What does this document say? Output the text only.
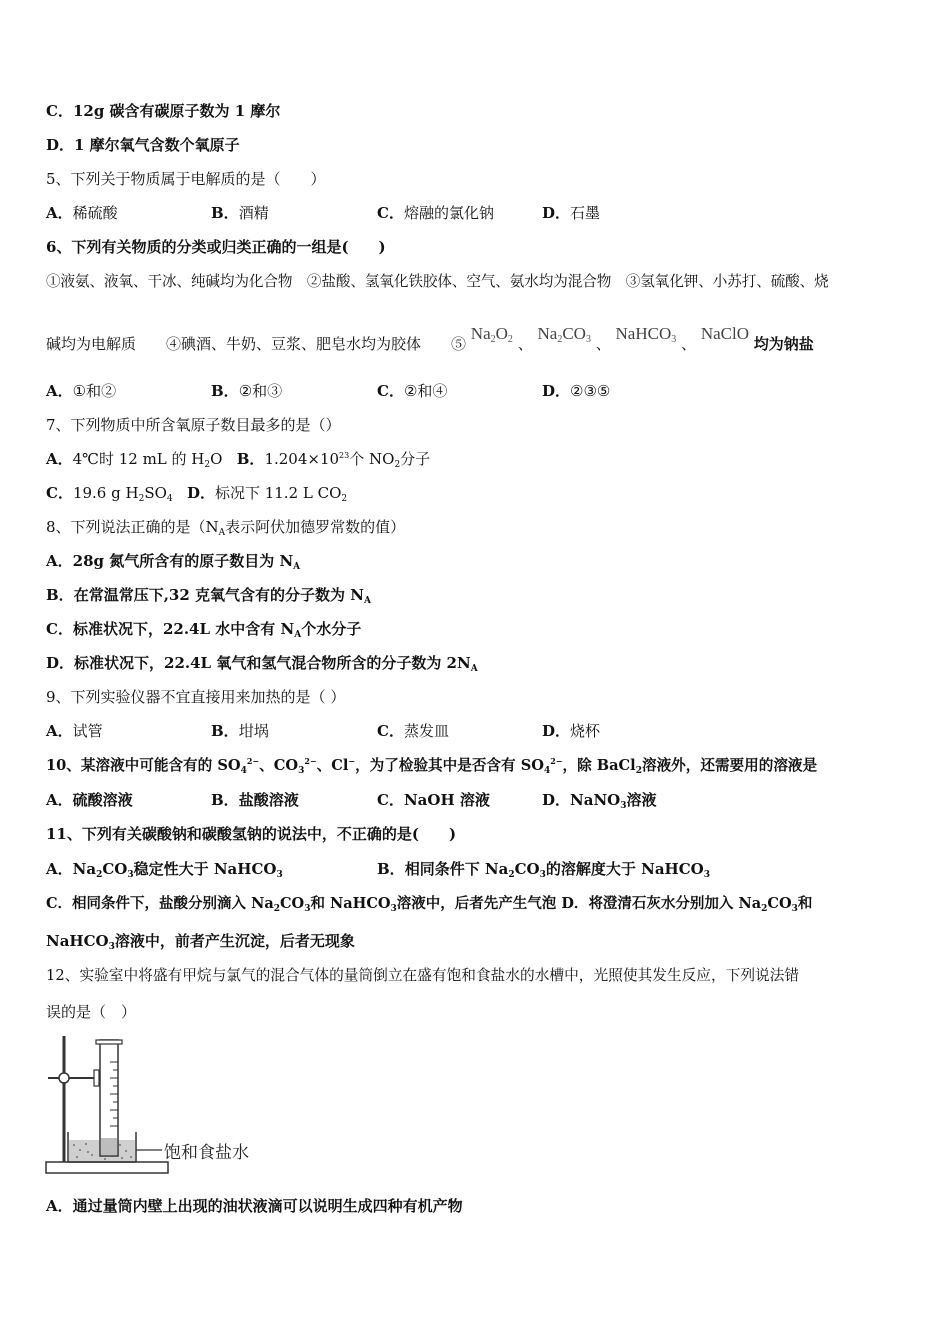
C．12g 碳含有碳原子数为 1 摩尔
D．1 摩尔氧气含数个氧原子
5、下列关于物质属于电解质的是（　　）
A．稀硫酸	B．酒精	C．熔融的氯化钠	D．石墨
6、下列有关物质的分类或归类正确的一组是(　　)
①液氨、液氧、干冰、纯碱均为化合物　②盐酸、氢氧化铁胶体、空气、氨水均为混合物　③氢氧化钾、小苏打、硫酸、烧
碱均为电解质　　④碘酒、牛奶、豆浆、肥皂水均为胶体　　⑤ $Na_2O_2$ 、 $Na_2CO_3$ 、 NaHCO$_3$ 、 NaClO 均为钠盐
A．①和②	B．②和③	C．②和④	D．②③⑤
7、下列物质中所含氧原子数目最多的是（）
A．4℃时 12 mL 的 $H_2O$ B．$1.204\times 10^{23}$个 $NO_2$分子
C．19.6 g $H_2SO_4$ D．标况下 11.2 L $CO_2$
8、下列说法正确的是（$N_A$表示阿伏加德罗常数的值）
A．28g 氮气所含有的原子数目为 $N_A$
B．在常温常压下,32 克氧气含有的分子数为 $N_A$
C．标准状况下，22.4L 水中含有 $N_A$个水分子
D．标准状况下，22.4L 氧气和氢气混合物所含的分子数为 $2N_A$
9、下列实验仪器不宜直接用来加热的是（ ）
A．试管	B．坩埚	C．蒸发皿	D．烧杯
10、某溶液中可能含有的 $SO_4^{2-}$、$CO_3^{2-}$、Cl−，为了检验其中是否含有 $SO_4^{2-}$，除 BaCl$_2$溶液外，还需要用的溶液是
A．硫酸溶液	B．盐酸溶液	C．NaOH 溶液	D．NaNO$_3$溶液
11、下列有关碳酸钠和碳酸氢钠的说法中，不正确的是(　　)
A．$Na_2CO_3$稳定性大于 NaHCO$_3$	B．相同条件下 $Na_2CO_3$的溶解度大于 NaHCO$_3$
C．相同条件下，盐酸分别滴入 $Na_2CO_3$和 NaHCO$_3$溶液中，后者先产生气泡 D．将澄清石灰水分别加入 $Na_2CO_3$和
NaHCO$_3$溶液中，前者产生沉淀，后者无现象
12、实验室中将盛有甲烷与氯气的混合气体的量筒倒立在盛有饱和食盐水的水槽中，光照使其发生反应，下列说法错
误的是（　）
饱和食盐水
A．通过量筒内壁上出现的油状液滴可以说明生成四种有机产物
